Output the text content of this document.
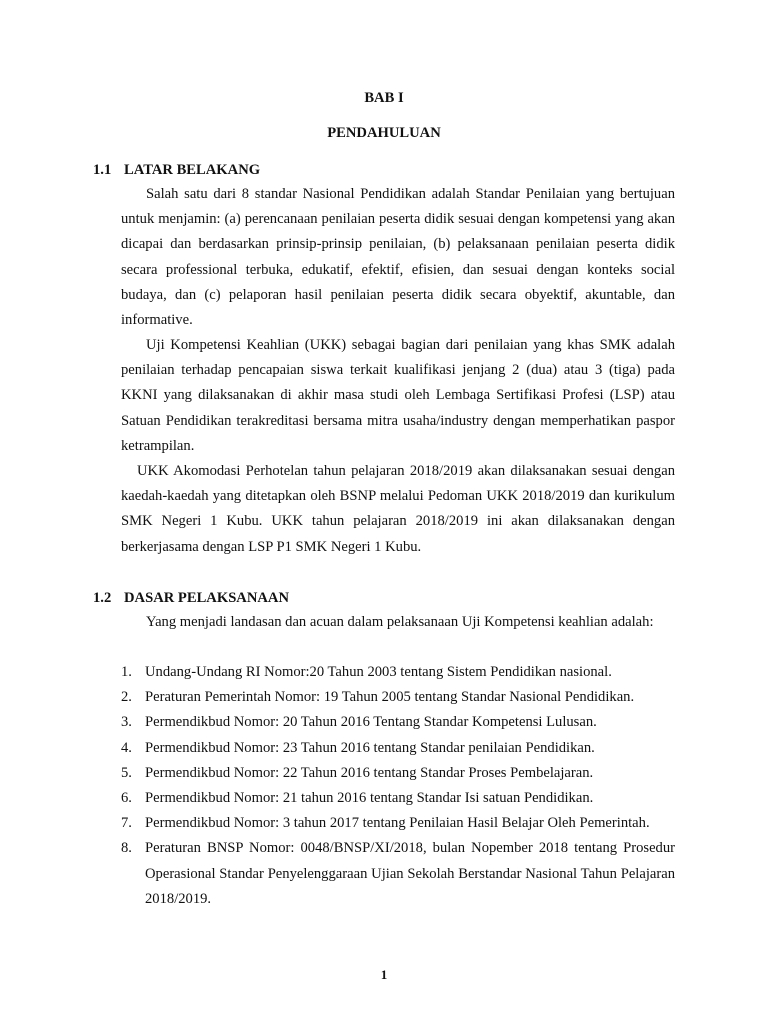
BAB I
PENDAHULUAN
1.1 LATAR BELAKANG

Salah satu dari 8 standar Nasional Pendidikan adalah Standar Penilaian yang bertujuan untuk menjamin: (a) perencanaan penilaian peserta didik sesuai dengan kompetensi yang akan dicapai dan berdasarkan prinsip-prinsip penilaian, (b) pelaksanaan penilaian peserta didik secara professional terbuka, edukatif, efektif, efisien, dan sesuai dengan konteks social budaya, dan (c) pelaporan hasil penilaian peserta didik secara obyektif, akuntable, dan informative.

Uji Kompetensi Keahlian (UKK) sebagai bagian dari penilaian yang khas SMK adalah penilaian terhadap pencapaian siswa terkait kualifikasi jenjang 2 (dua) atau 3 (tiga) pada KKNI yang dilaksanakan di akhir masa studi oleh Lembaga Sertifikasi Profesi (LSP) atau Satuan Pendidikan terakreditasi bersama mitra usaha/industry dengan memperhatikan paspor ketrampilan.

UKK Akomodasi Perhotelan tahun pelajaran 2018/2019 akan dilaksanakan sesuai dengan kaedah-kaedah yang ditetapkan oleh BSNP melalui Pedoman UKK 2018/2019 dan kurikulum SMK Negeri 1 Kubu. UKK tahun pelajaran 2018/2019 ini akan dilaksanakan dengan berkerjasama dengan LSP P1 SMK Negeri 1 Kubu.

1.2 DASAR PELAKSANAAN

Yang menjadi landasan dan acuan dalam pelaksanaan Uji Kompetensi keahlian adalah:

1. Undang-Undang RI Nomor:20 Tahun 2003 tentang Sistem Pendidikan nasional.
2. Peraturan Pemerintah Nomor: 19 Tahun 2005 tentang Standar Nasional Pendidikan.
3. Permendikbud Nomor: 20 Tahun 2016 Tentang Standar Kompetensi Lulusan.
4. Permendikbud Nomor: 23 Tahun 2016 tentang Standar penilaian Pendidikan.
5. Permendikbud Nomor: 22 Tahun 2016 tentang Standar Proses Pembelajaran.
6. Permendikbud Nomor: 21 tahun 2016 tentang Standar Isi satuan Pendidikan.
7. Permendikbud Nomor: 3 tahun 2017 tentang Penilaian Hasil Belajar Oleh Pemerintah.
8. Peraturan BNSP Nomor: 0048/BNSP/XI/2018, bulan Nopember 2018 tentang Prosedur Operasional Standar Penyelenggaraan Ujian Sekolah Berstandar Nasional Tahun Pelajaran 2018/2019.
1
